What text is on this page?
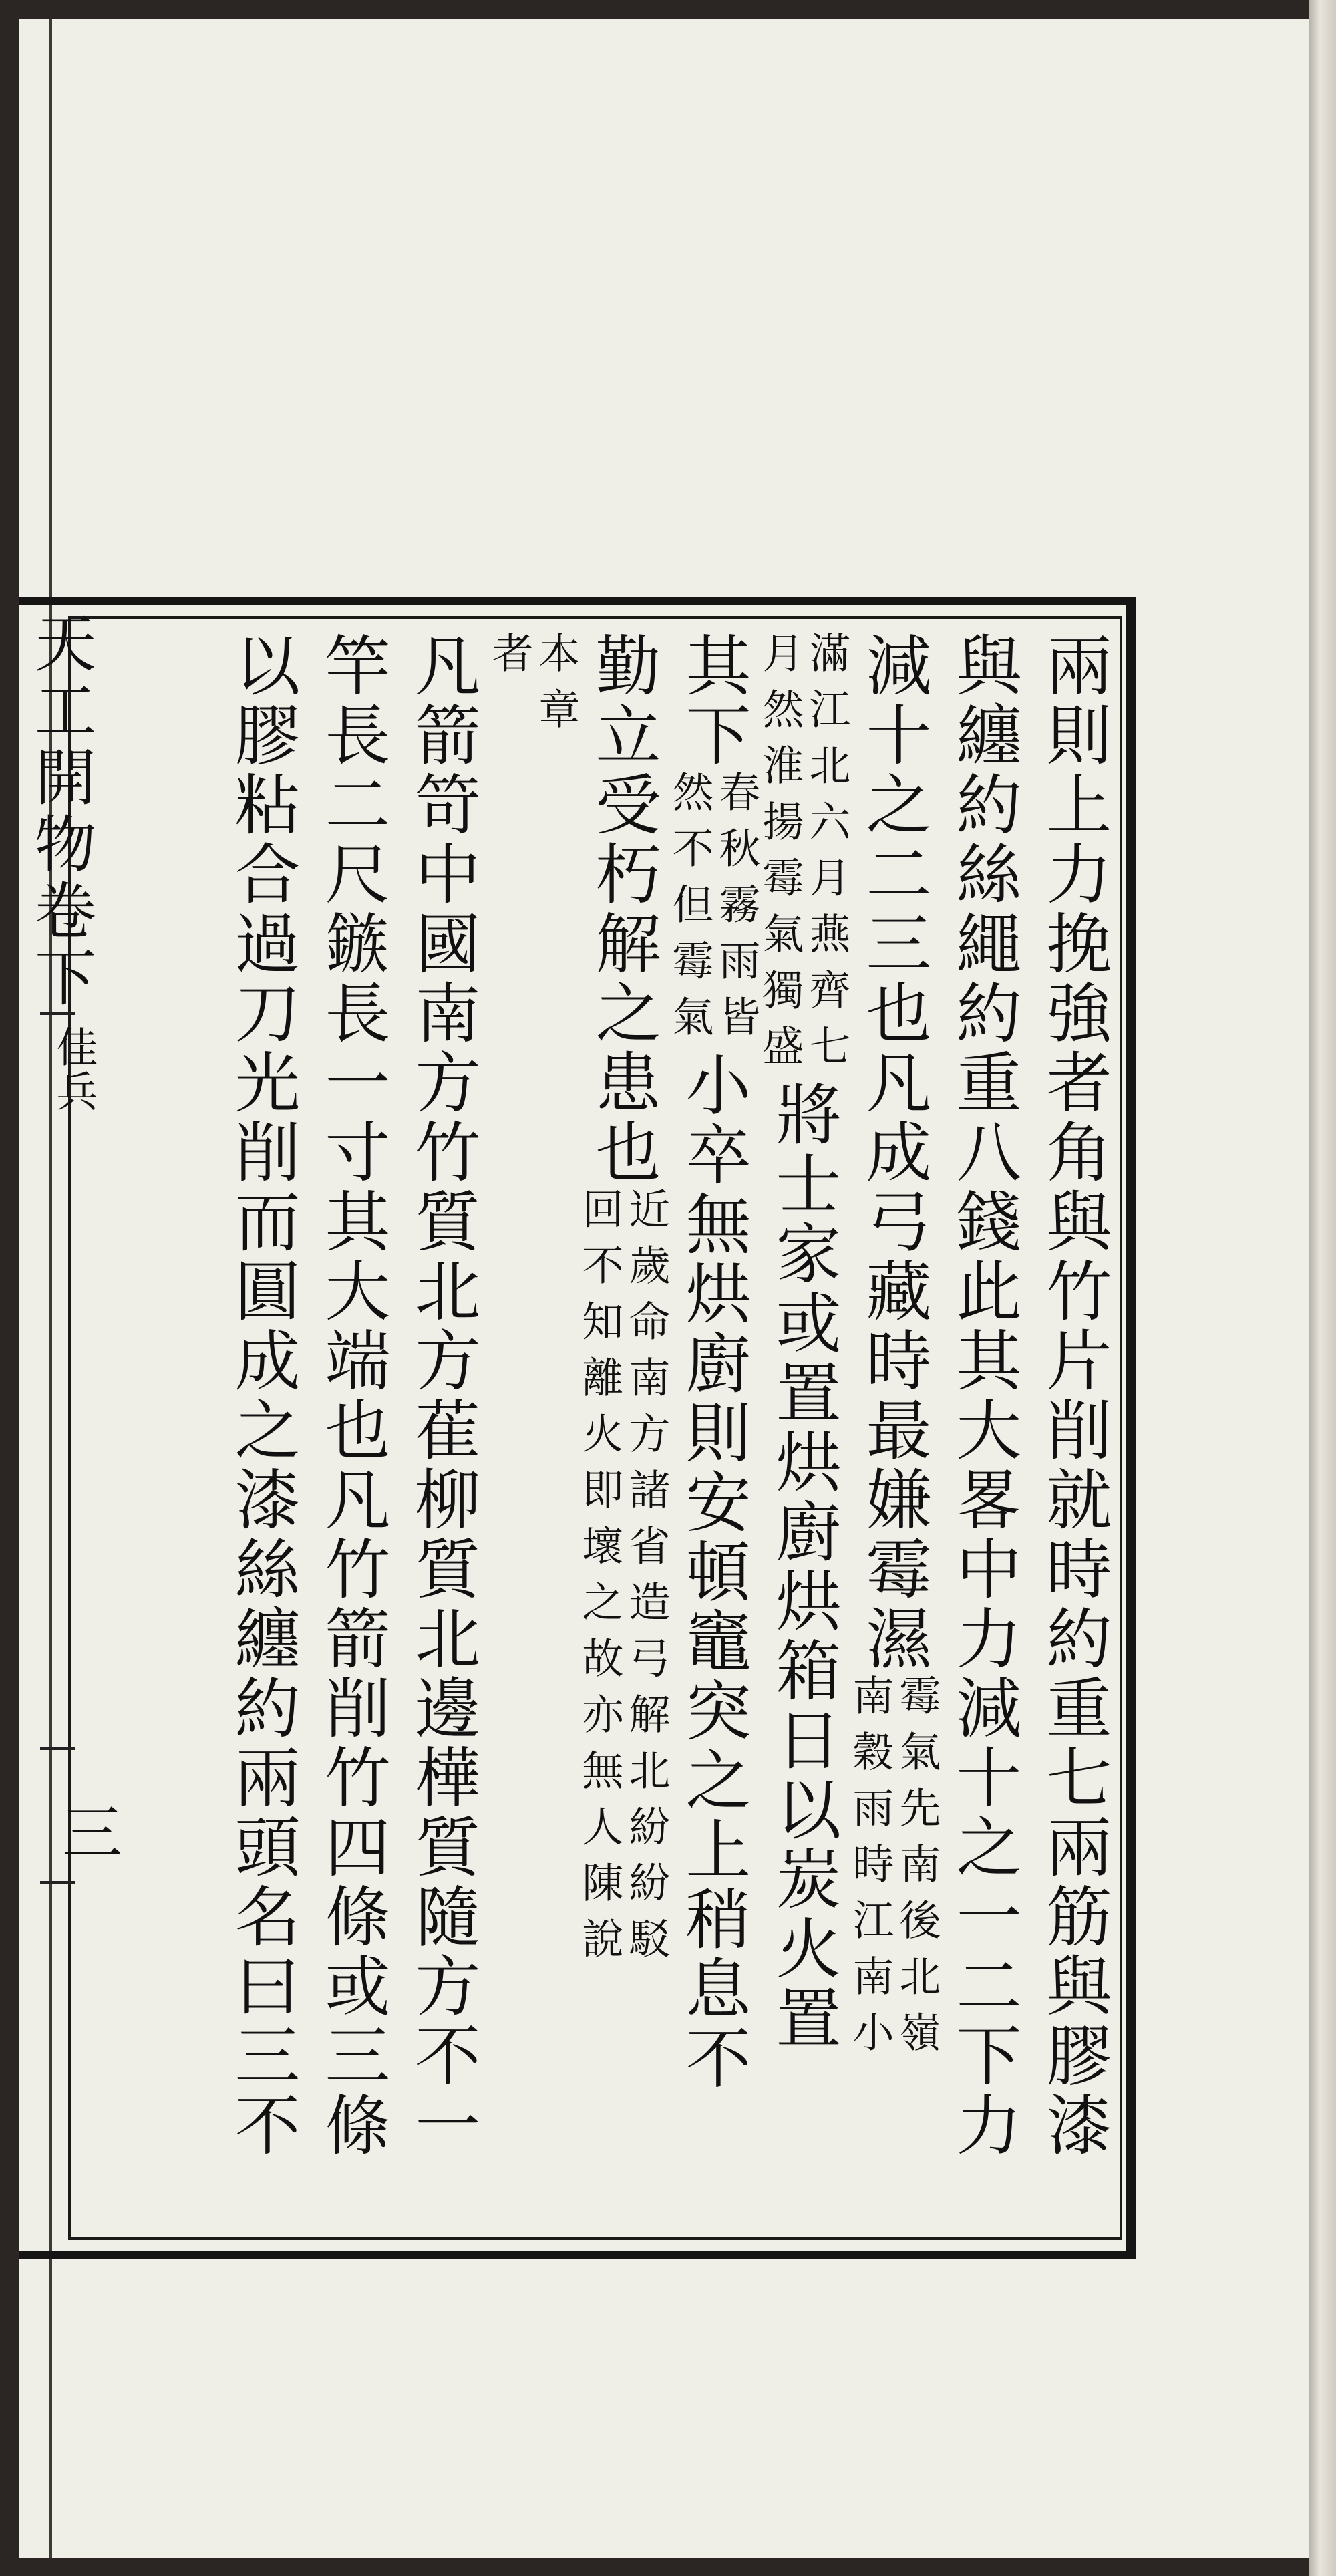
天工開物卷下
佳兵
三	兩則上力挽強者角與竹片削就時約重七兩筋與膠漆
與纏約絲繩約重八錢此其大畧中力減十之一二下力
減十之二三也凡成弓藏時最嫌霉濕
霉氣先南後北嶺
南穀雨時江南小
滿江北六月燕齊七
月然淮揚霉氣獨盛
將士家或置烘廚烘箱日以炭火置
其下
春秋霧雨皆
然不但霉氣
小卒無烘廚則安頓竈突之上稍息不
勤立受朽解之患也
近歲命南方諸省造弓解北紛紛駁
回不知離火即壞之故亦無人陳說
本章
者
凡箭笴中國南方竹質北方萑柳質北邊樺質隨方不一
竿長二尺鏃長一寸其大端也凡竹箭削竹四條或三條
以膠粘合過刀光削而圓成之漆絲纏約兩頭名曰三不
